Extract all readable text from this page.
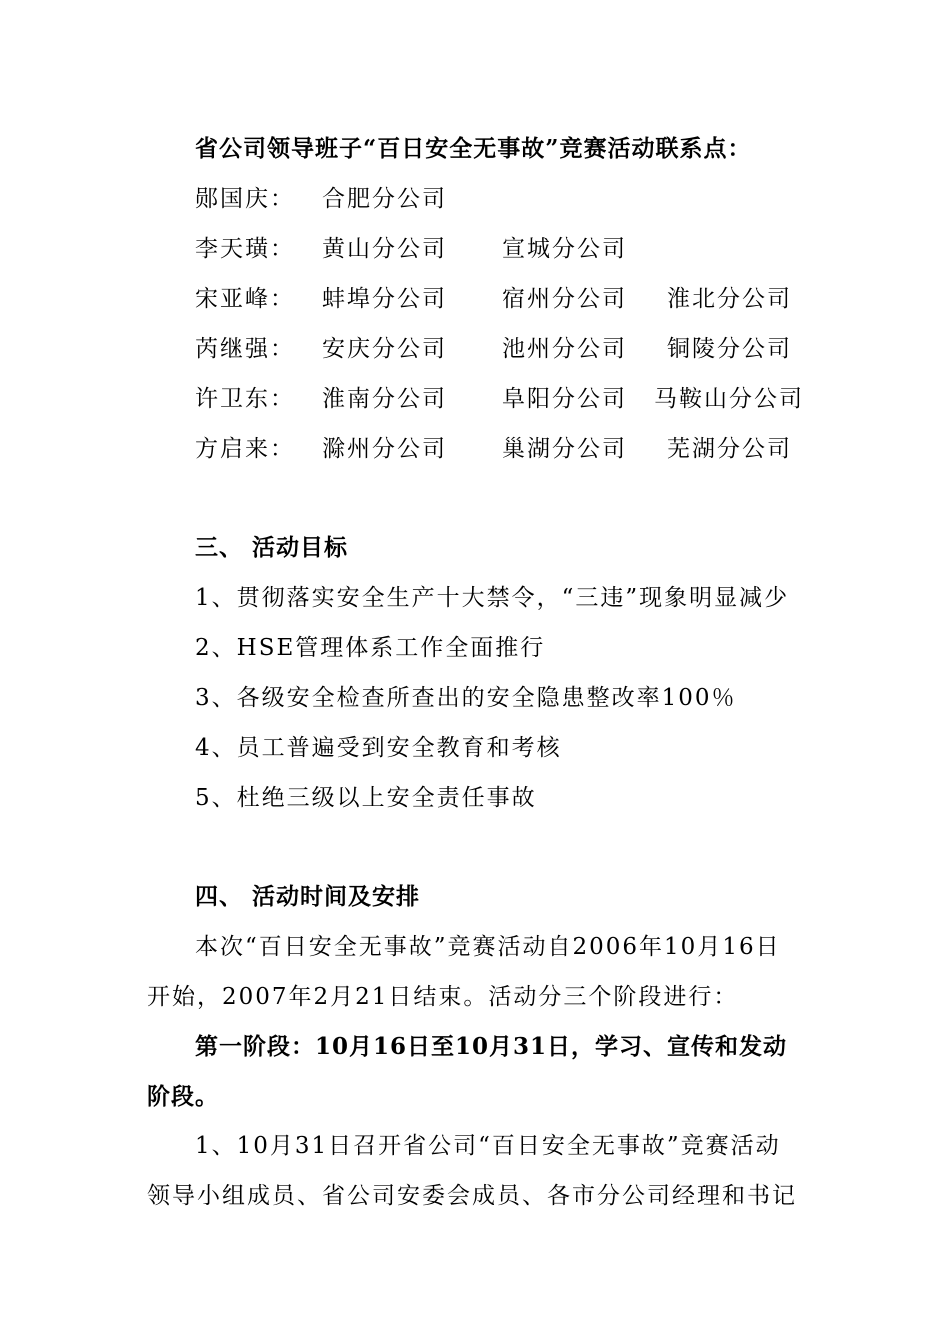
省公司领导班子“百日安全无事故”竞赛活动联系点：
郧国庆： 合肥分公司
李天璜： 黄山分公司 宣城分公司
宋亚峰： 蚌埠分公司 宿州分公司 淮北分公司
芮继强： 安庆分公司 池州分公司 铜陵分公司
许卫东： 淮南分公司 阜阳分公司 马鞍山分公司
方启来： 滁州分公司 巢湖分公司 芜湖分公司
三、 活动目标
1、贯彻落实安全生产十大禁令，“三违”现象明显减少
2、HSE管理体系工作全面推行
3、各级安全检查所查出的安全隐患整改率100％
4、员工普遍受到安全教育和考核
5、杜绝三级以上安全责任事故
四、 活动时间及安排
本次“百日安全无事故”竞赛活动自2006年10月16日
开始，2007年2月21日结束。活动分三个阶段进行：
第一阶段：10月16日至10月31日，学习、宣传和发动
阶段。
1、10月31日召开省公司“百日安全无事故”竞赛活动
领导小组成员、省公司安委会成员、各市分公司经理和书记
